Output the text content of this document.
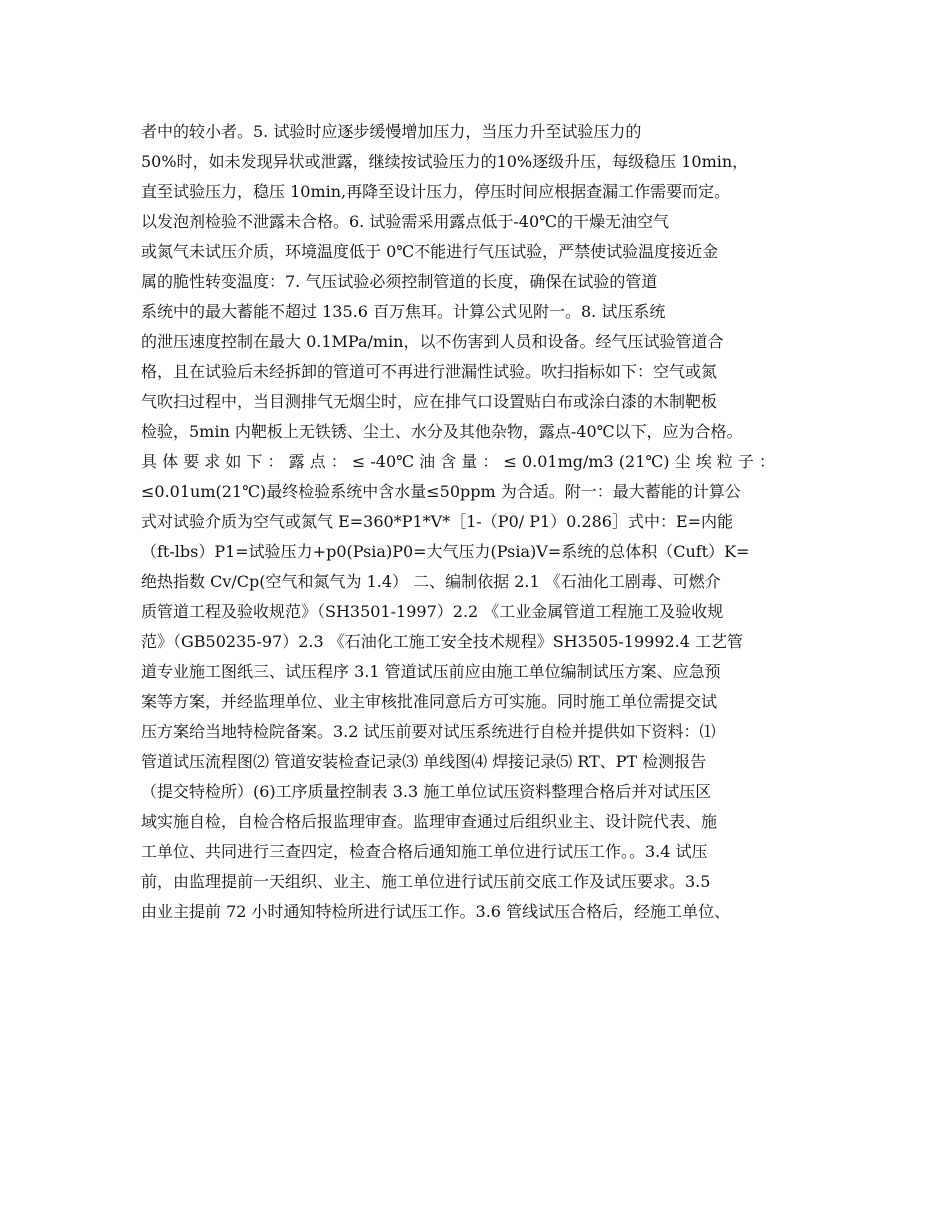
者中的较小者。5. 试验时应逐步缓慢增加压力，当压力升至试验压力的
50%时，如未发现异状或泄露，继续按试验压力的10%逐级升压，每级稳压 10min，
直至试验压力，稳压 10min,再降至设计压力，停压时间应根据查漏工作需要而定。
以发泡剂检验不泄露未合格。6. 试验需采用露点低于-40℃的干燥无油空气
或氮气未试压介质，环境温度低于 0℃不能进行气压试验，严禁使试验温度接近金
属的脆性转变温度：7. 气压试验必须控制管道的长度，确保在试验的管道
系统中的最大蓄能不超过 135.6 百万焦耳。计算公式见附一。8. 试压系统
的泄压速度控制在最大 0.1MPa/min，以不伤害到人员和设备。经气压试验管道合
格，且在试验后未经拆卸的管道可不再进行泄漏性试验。吹扫指标如下：空气或氮
气吹扫过程中，当目测排气无烟尘时，应在排气口设置贴白布或涂白漆的木制靶板
检验，5min 内靶板上无铁锈、尘土、水分及其他杂物，露点-40℃以下，应为合格。
具 体 要 求 如 下 ： 露 点 ： ≤ -40℃ 油 含 量 ： ≤ 0.01mg/m3 (21℃) 尘 埃 粒 子 ：
≤0.01um(21℃)最终检验系统中含水量≤50ppm 为合适。附一：最大蓄能的计算公
式对试验介质为空气或氮气 E=360*P1*V*［1-（P0/ P1）0.286］式中：E=内能
（ft-lbs）P1=试验压力+p0(Psia)P0=大气压力(Psia)V=系统的总体积（Cuft）K=
绝热指数 Cv/Cp(空气和氮气为 1.4） 二、编制依据 2.1 《石油化工剧毒、可燃介
质管道工程及验收规范》（SH3501-1997）2.2 《工业金属管道工程施工及验收规
范》（GB50235-97）2.3 《石油化工施工安全技术规程》SH3505-19992.4 工艺管
道专业施工图纸三、试压程序 3.1 管道试压前应由施工单位编制试压方案、应急预
案等方案，并经监理单位、业主审核批准同意后方可实施。同时施工单位需提交试
压方案给当地特检院备案。3.2 试压前要对试压系统进行自检并提供如下资料：⑴
管道试压流程图⑵ 管道安装检查记录⑶ 单线图⑷ 焊接记录⑸ RT、PT 检测报告
（提交特检所）(6)工序质量控制表 3.3 施工单位试压资料整理合格后并对试压区
域实施自检，自检合格后报监理审查。监理审查通过后组织业主、设计院代表、施
工单位、共同进行三查四定，检查合格后通知施工单位进行试压工作。。3.4 试压
前，由监理提前一天组织、业主、施工单位进行试压前交底工作及试压要求。3.5
由业主提前 72 小时通知特检所进行试压工作。3.6 管线试压合格后，经施工单位、
